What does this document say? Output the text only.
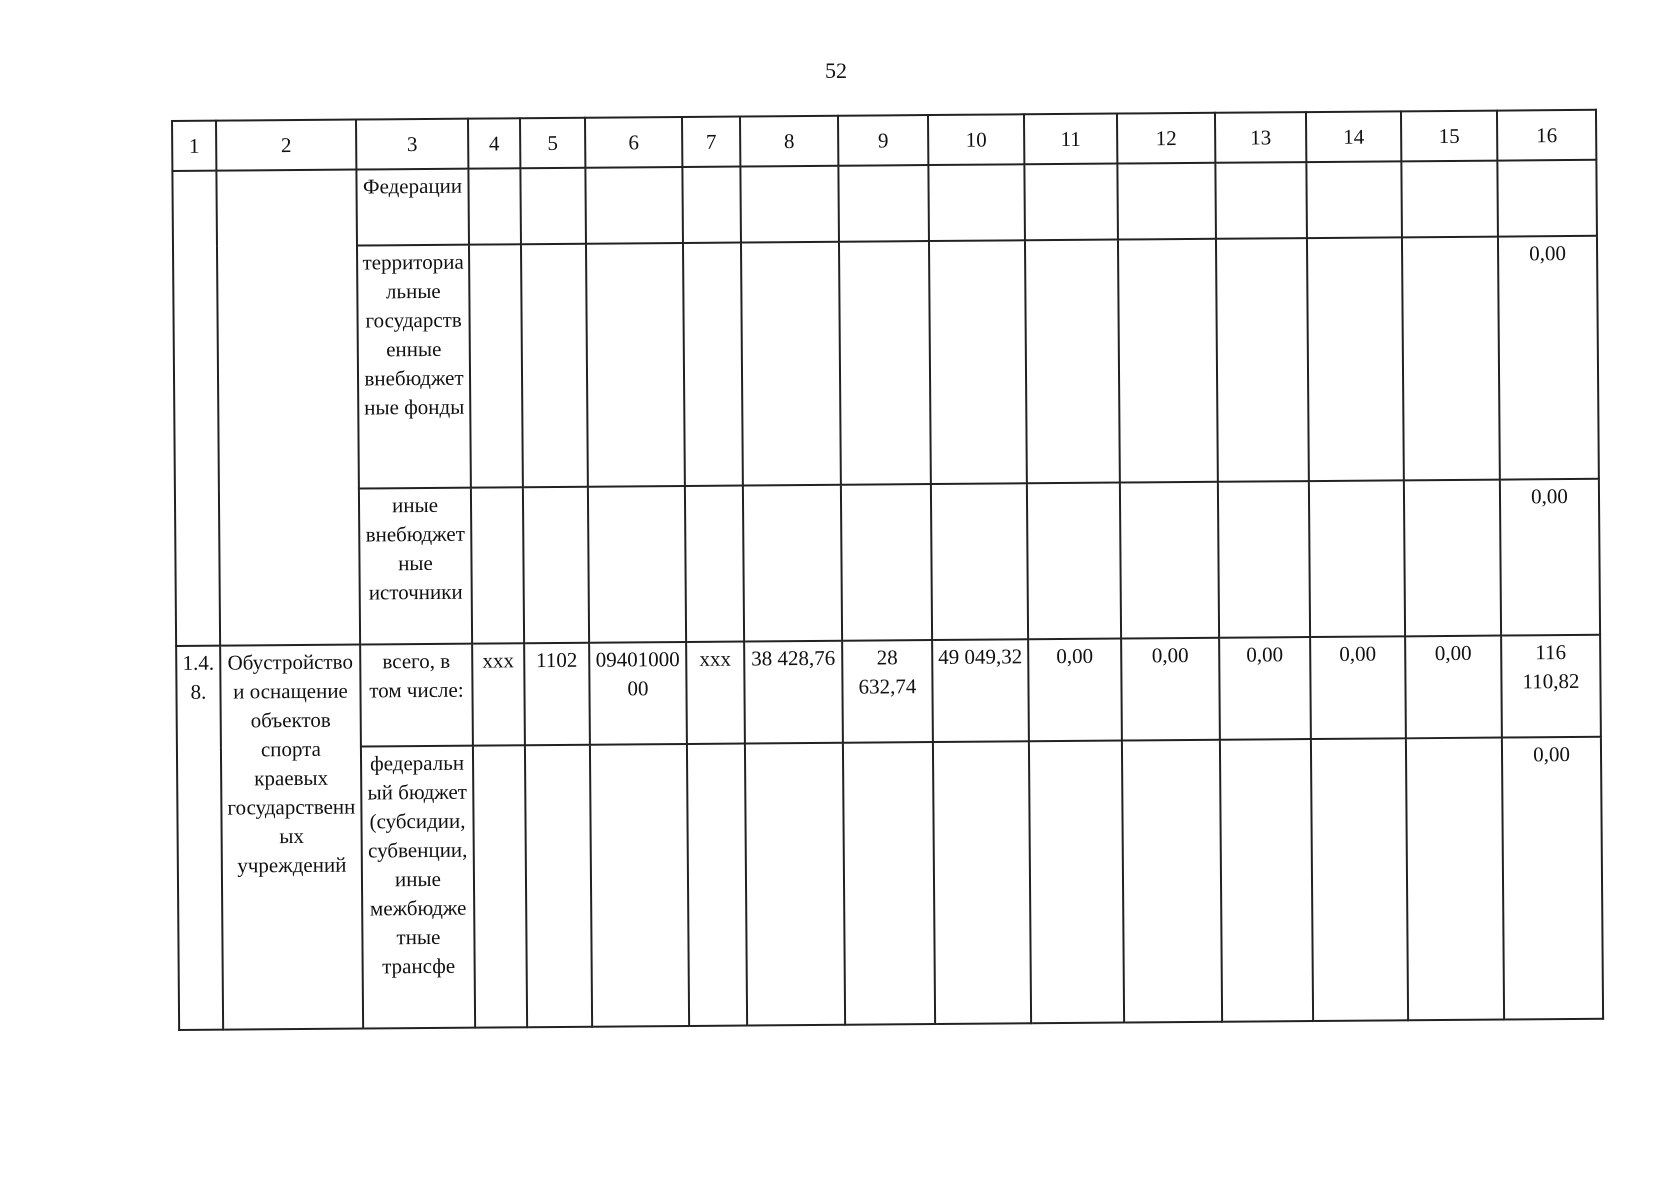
52
1	2	3	4	5	6	7	8	9	10	11	12	13	14	15	16
		Федерации													
		территориальные государственные внебюджетные фонды													0,00
		иные внебюджетные источники													0,00
1.4.8.	Обустройство и оснащение объектов спорта краевых государственных учреждений	всего, в том числе:	ххх	1102	0940100000	ххх	38 428,76	28 632,74	49 049,32	0,00	0,00	0,00	0,00	0,00	116 110,82
		федеральный бюджет (субсидии, субвенции, иные межбюджетные трансфе													0,00
